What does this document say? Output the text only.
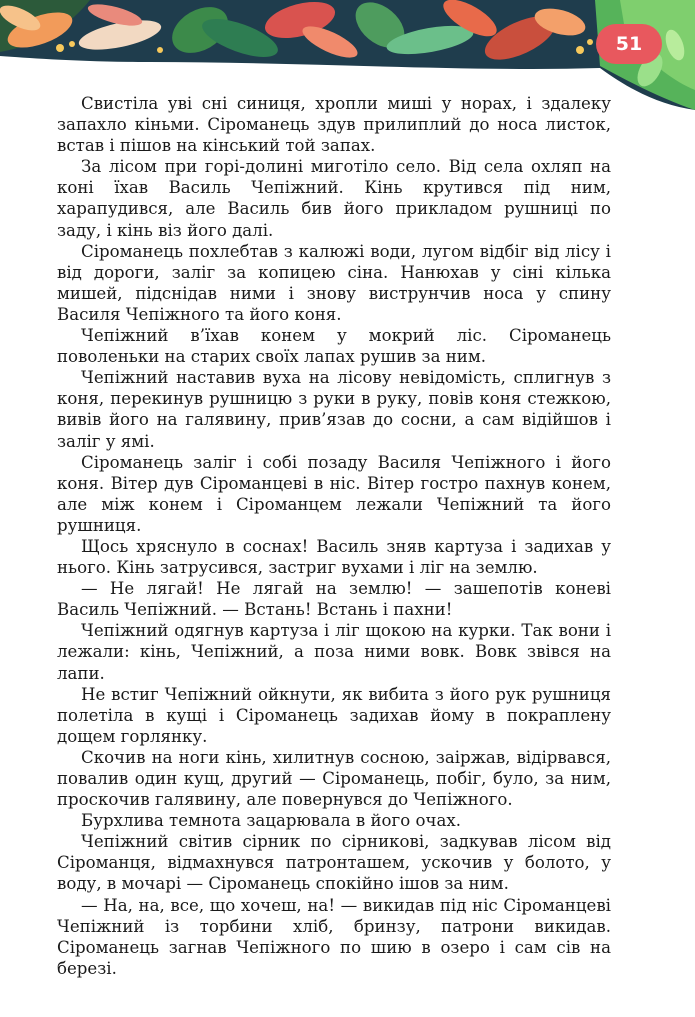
51

Свистіла уві сні синиця, хропли миші у норах, і здалеку запахло кіньми. Сіроманець здув прилиплий до носа листок, встав і пішов на кінський той запах.

За лісом при горі-долині миготіло село. Від села охляп на коні їхав Василь Чепіжний. Кінь крутився під ним, харапудився, але Василь бив його прикладом рушниці по заду, і кінь віз його далі.

Сіроманець похлебтав з калюжі води, лугом відбіг від лісу і від дороги, заліг за копицею сіна. Нанюхав у сіні кілька мишей, підснідав ними і знову виструнчив носа у спину Василя Чепіжного та його коня.

Чепіжний в’їхав конем у мокрий ліс. Сіроманець поволеньки на старих своїх лапах рушив за ним.

Чепіжний наставив вуха на лісову невідомість, сплигнув з коня, перекинув рушницю з руки в руку, повів коня стежкою, вивів його на галявину, прив’язав до сосни, а сам відійшов і заліг у ямі.

Сіроманець заліг і собі позаду Василя Чепіжного і його коня. Вітер дув Сіроманцеві в ніс. Вітер гостро пахнув конем, але між конем і Сіроманцем лежали Чепіжний та його рушниця.

Щось хряснуло в соснах! Василь зняв картуза і задихав у нього. Кінь затрусився, застриг вухами і ліг на землю.

— Не лягай! Не лягай на землю! — зашепотів коневі Василь Чепіжний. — Встань! Встань і пахни!

Чепіжний одягнув картуза і ліг щокою на курки. Так вони і лежали: кінь, Чепіжний, а поза ними вовк. Вовк звівся на лапи.

Не встиг Чепіжний ойкнути, як вибита з його рук рушниця полетіла в кущі і Сіроманець задихав йому в покраплену дощем горлянку.

Скочив на ноги кінь, хилитнув сосною, заіржав, відірвався, повалив один кущ, другий — Сіроманець, побіг, було, за ним, проскочив галявину, але повернувся до Чепіжного.

Бурхлива темнота зацарювала в його очах.

Чепіжний світив сірник по сірникові, задкував лісом від Сіроманця, відмахнувся патронташем, ускочив у болото, у воду, в мочарі — Сіроманець спокійно ішов за ним.

— На, на, все, що хочеш, на! — викидав під ніс Сіроманцеві Чепіжний із торбини хліб, бринзу, патрони викидав. Сіроманець загнав Чепіжного по шию в озеро і сам сів на березі.
